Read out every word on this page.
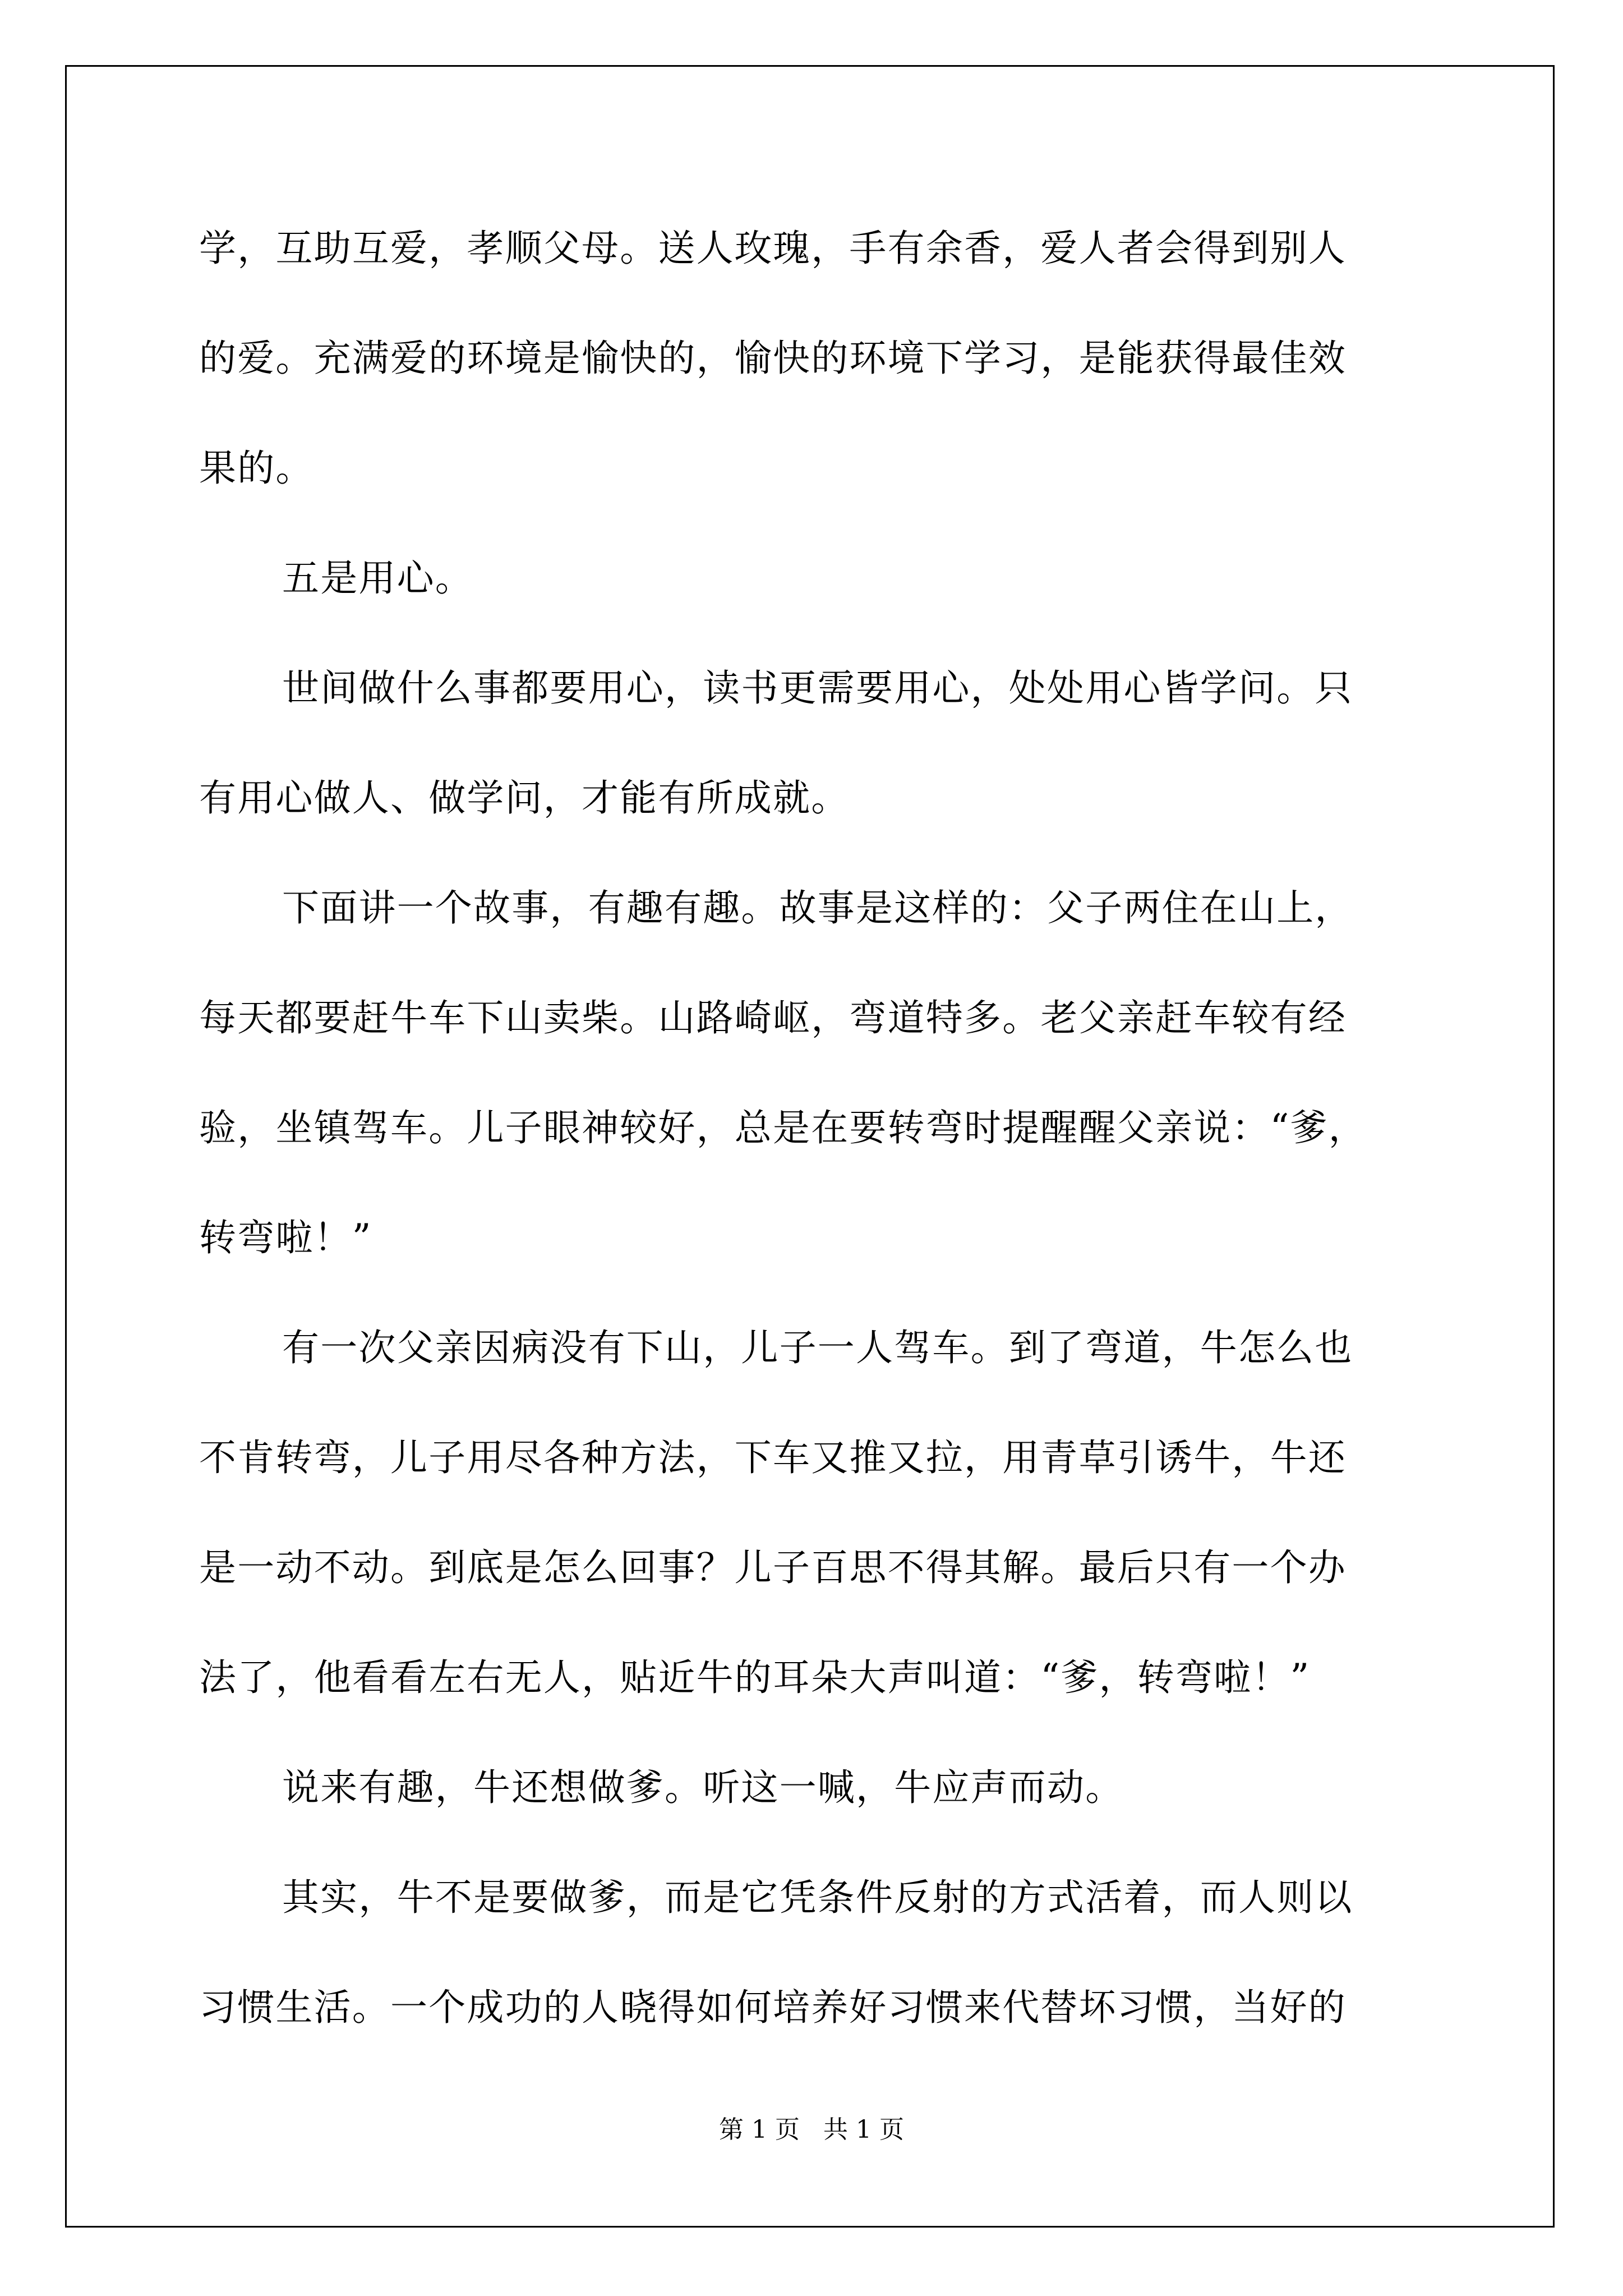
学，互助互爱，孝顺父母。送人玫瑰，手有余香，爱人者会得到别人
的爱。充满爱的环境是愉快的，愉快的环境下学习，是能获得最佳效
果的。
五是用心。
世间做什么事都要用心，读书更需要用心，处处用心皆学问。只
有用心做人、做学问，才能有所成就。
下面讲一个故事，有趣有趣。故事是这样的：父子两住在山上，
每天都要赶牛车下山卖柴。山路崎岖，弯道特多。老父亲赶车较有经
验，坐镇驾车。儿子眼神较好，总是在要转弯时提醒醒父亲说：“爹，
转弯啦！”
有一次父亲因病没有下山，儿子一人驾车。到了弯道，牛怎么也
不肯转弯，儿子用尽各种方法，下车又推又拉，用青草引诱牛，牛还
是一动不动。到底是怎么回事？儿子百思不得其解。最后只有一个办
法了，他看看左右无人，贴近牛的耳朵大声叫道：“爹，转弯啦！”
说来有趣，牛还想做爹。听这一喊，牛应声而动。
其实，牛不是要做爹，而是它凭条件反射的方式活着，而人则以
习惯生活。一个成功的人晓得如何培养好习惯来代替坏习惯，当好的
第 1 页   共 1 页
